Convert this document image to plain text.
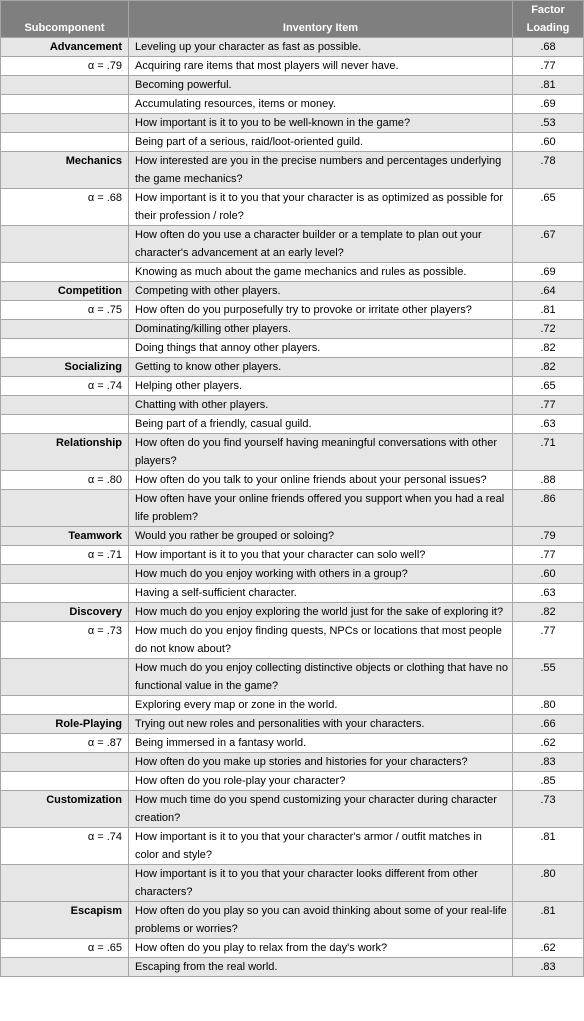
Subcomponent	Inventory Item	Factor Loading
Advancement	Leveling up your character as fast as possible.	.68
α = .79	Acquiring rare items that most players will never have.	.77
	Becoming powerful.	.81
	Accumulating resources, items or money.	.69
	How important is it to you to be well-known in the game?	.53
	Being part of a serious, raid/loot-oriented guild.	.60
Mechanics	How interested are you in the precise numbers and percentages underlying the game mechanics?	.78
α = .68	How important is it to you that your character is as optimized as possible for their profession / role?	.65
	How often do you use a character builder or a template to plan out your character's advancement at an early level?	.67
	Knowing as much about the game mechanics and rules as possible.	.69
Competition	Competing with other players.	.64
α = .75	How often do you purposefully try to provoke or irritate other players?	.81
	Dominating/killing other players.	.72
	Doing things that annoy other players.	.82
Socializing	Getting to know other players.	.82
α = .74	Helping other players.	.65
	Chatting with other players.	.77
	Being part of a friendly, casual guild.	.63
Relationship	How often do you find yourself having meaningful conversations with other players?	.71
α = .80	How often do you talk to your online friends about your personal issues?	.88
	How often have your online friends offered you support when you had a real life problem?	.86
Teamwork	Would you rather be grouped or soloing?	.79
α = .71	How important is it to you that your character can solo well?	.77
	How much do you enjoy working with others in a group?	.60
	Having a self-sufficient character.	.63
Discovery	How much do you enjoy exploring the world just for the sake of exploring it?	.82
α = .73	How much do you enjoy finding quests, NPCs or locations that most people do not know about?	.77
	How much do you enjoy collecting distinctive objects or clothing that have no functional value in the game?	.55
	Exploring every map or zone in the world.	.80
Role-Playing	Trying out new roles and personalities with your characters.	.66
α = .87	Being immersed in a fantasy world.	.62
	How often do you make up stories and histories for your characters?	.83
	How often do you role-play your character?	.85
Customization	How much time do you spend customizing your character during character creation?	.73
α = .74	How important is it to you that your character's armor / outfit matches in color and style?	.81
	How important is it to you that your character looks different from other characters?	.80
Escapism	How often do you play so you can avoid thinking about some of your real-life problems or worries?	.81
α = .65	How often do you play to relax from the day's work?	.62
	Escaping from the real world.	.83
